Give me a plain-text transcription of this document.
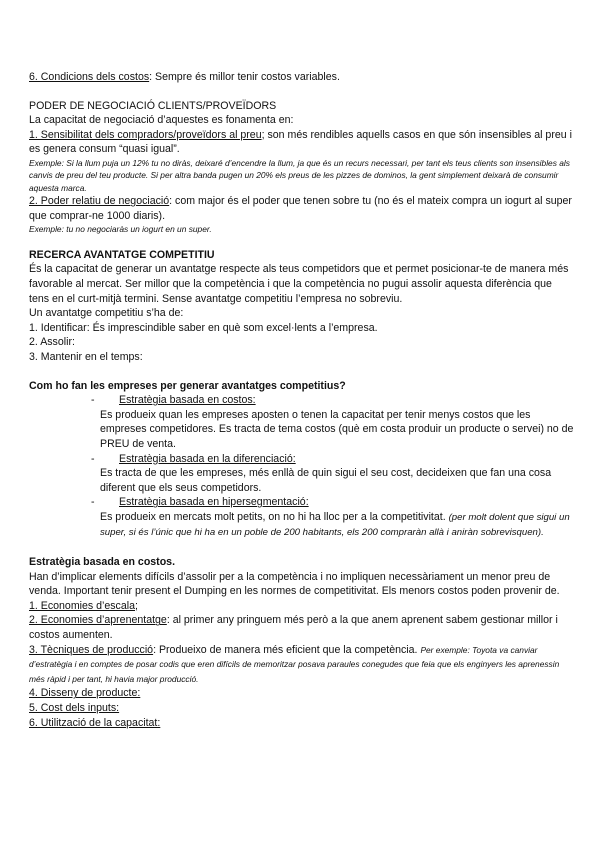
6. Condicions dels costos: Sempre és millor tenir costos variables.

PODER DE NEGOCIACIÓ CLIENTS/PROVEÏDORS

La capacitat de negociació d’aquestes es fonamenta en:

1. Sensibilitat dels compradors/proveïdors al preu; son més rendibles aquells casos en que són insensibles al preu i es genera consum “quasi igual”.

Exemple: Si la llum puja un 12% tu no diràs, deixaré d’encendre la llum, ja que és un recurs necessari, per tant els teus clients son insensibles als canvis de preu del teu producte. Si per altra banda pugen un 20% els preus de les pizzes de dominos, la gent simplement deixarà de consumir aquesta marca.

2. Poder relatiu de negociació: com major és el poder que tenen sobre tu (no és el mateix compra un iogurt al super que comprar-ne 1000 diaris).

Exemple: tu no negociaràs un iogurt en un super.

RECERCA AVANTATGE COMPETITIU

És la capacitat de generar un avantatge respecte als teus competidors que et permet posicionar-te de manera més favorable al mercat. Ser millor que la competència i que la competència no pugui assolir aquesta diferència que tens en el curt-mitjà termini. Sense avantatge competitiu l’empresa no sobreviu.

Un avantatge competitiu s’ha de:

1. Identificar: És imprescindible saber en què som excel·lents a l’empresa.

2. Assolir:

3. Mantenir en el temps:

Com ho fan les empreses per generar avantatges competitius?

- Estratègia basada en costos:

Es produeix quan les empreses aposten o tenen la capacitat per tenir menys costos que les empreses competidores. Es tracta de tema costos (què em costa produir un producte o servei) no de PREU de venta.

- Estratègia basada en la diferenciació:

Es tracta de que les empreses, més enllà de quin sigui el seu cost, decideixen que fan una cosa diferent que els seus competidors.

- Estratègia basada en hipersegmentació:

Es produeix en mercats molt petits, on no hi ha lloc per a la competitivitat. (per molt dolent que sigui un super, si és l’únic que hi ha en un poble de 200 habitants, els 200 compraràn allà i aniràn sobrevisquen).

Estratègia basada en costos.

Han d’implicar elements difícils d’assolir per a la competència i no impliquen necessàriament un menor preu de venda. Important tenir present el Dumping en les normes de competitivitat. Els menors costos poden provenir de.

1. Economies d’escala;

2. Economies d’aprenentatge: al primer any pringuem més però a la que anem aprenent sabem gestionar millor i costos aumenten.

3. Tècniques de producció: Produeixo de manera més eficient que la competència. Per exemple: Toyota va canviar d’estratègia i en comptes de posar codis que eren difícils de memoritzar posava paraules conegudes que feia que els enginyers les aprenessin més ràpid i per tant, hi havia major producció.

4. Disseny de producte:

5. Cost dels inputs:

6. Utilització de la capacitat:
